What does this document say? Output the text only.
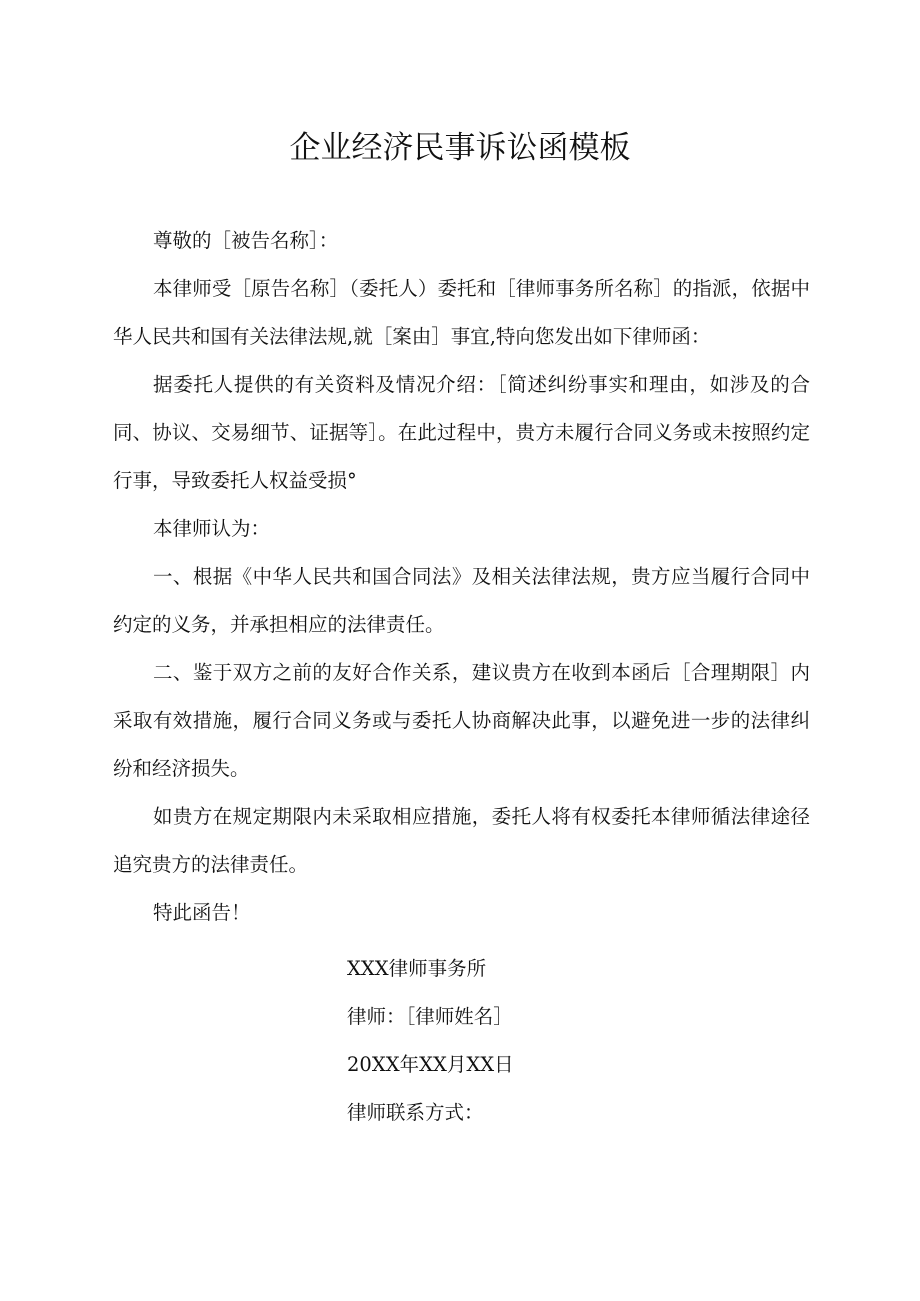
企业经济民事诉讼函模板

尊敬的［被告名称］：

本律师受［原告名称］（委托人）委托和［律师事务所名称］的指派，依据中华人民共和国有关法律法规,就［案由］事宜,特向您发出如下律师函：

据委托人提供的有关资料及情况介绍：［简述纠纷事实和理由，如涉及的合同、协议、交易细节、证据等］。在此过程中，贵方未履行合同义务或未按照约定行事，导致委托人权益受损°

本律师认为：

一、根据《中华人民共和国合同法》及相关法律法规，贵方应当履行合同中约定的义务，并承担相应的法律责任。

二、鉴于双方之前的友好合作关系，建议贵方在收到本函后［合理期限］内采取有效措施，履行合同义务或与委托人协商解决此事，以避免进一步的法律纠纷和经济损失。

如贵方在规定期限内未采取相应措施，委托人将有权委托本律师循法律途径追究贵方的法律责任。

特此函告！

XXX律师事务所
律师：［律师姓名］
20XX年XX月XX日
律师联系方式：
